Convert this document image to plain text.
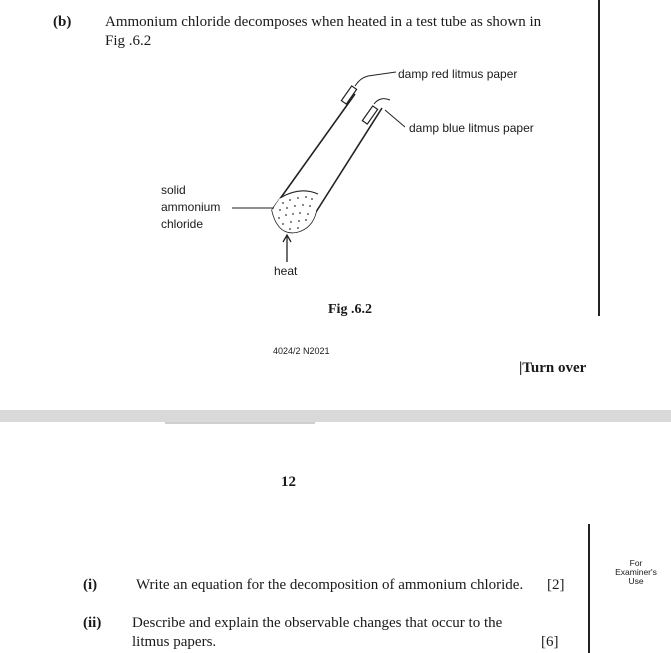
(b) Ammonium chloride decomposes when heated in a test tube as shown in
Fig .6.2
damp red litmus paper
damp blue litmus paper
solid
ammonium
chloride
heat
Fig .6.2
4024/2 N2021
|Turn over
12
For
Examiner's
Use
(i)	Write an equation for the decomposition of ammonium chloride. [2]
(ii) Describe and explain the observable changes that occur to the
litmus papers.	[6]
